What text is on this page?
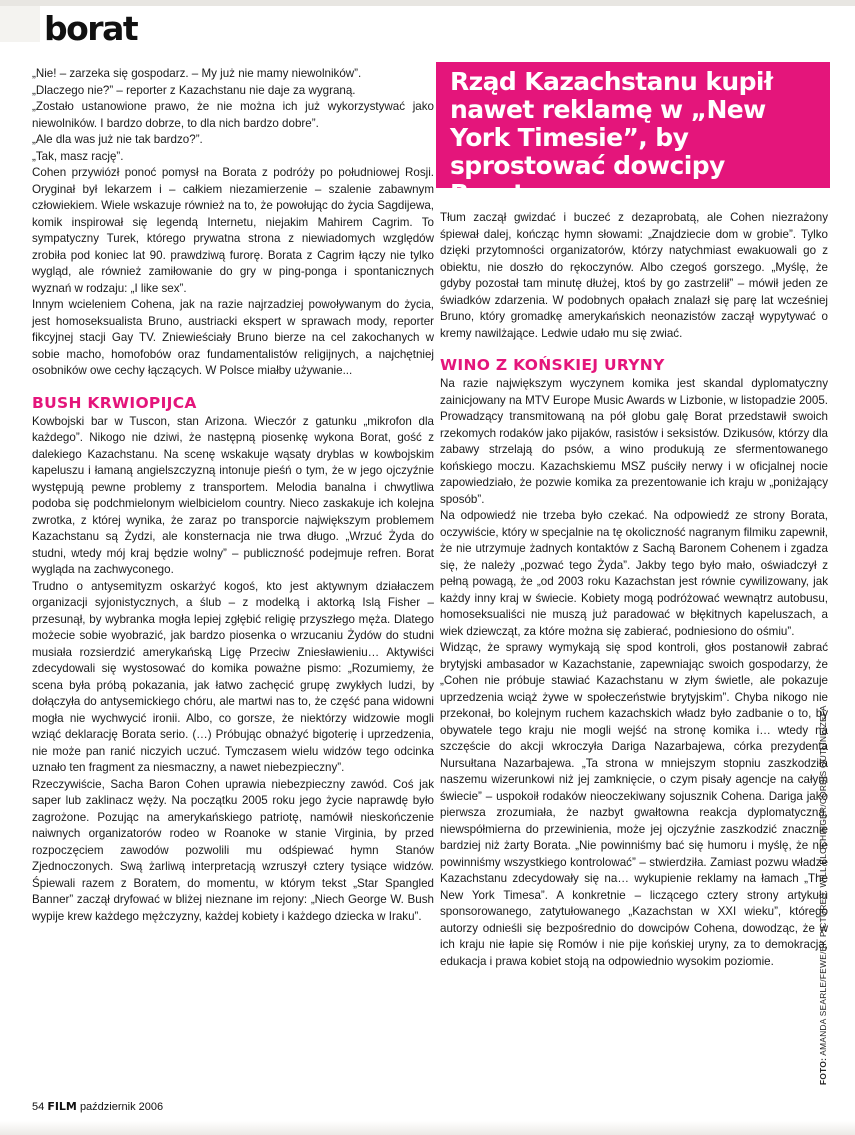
borat

„Nie! – zarzeka się gospodarz. – My już nie mamy niewolników”.

„Dlaczego nie?” – reporter z Kazachstanu nie daje za wygraną.

„Zostało ustanowione prawo, że nie można ich już wykorzystywać jako niewolników. I bardzo dobrze, to dla nich bardzo dobre”.

„Ale dla was już nie tak bardzo?”.

„Tak, masz rację”.

Cohen przywiózł ponoć pomysł na Borata z podróży po południowej Rosji. Oryginał był lekarzem i – całkiem niezamierzenie – szalenie zabawnym człowiekiem. Wiele wskazuje również na to, że powołując do życia Sagdijewa, komik inspirował się legendą Internetu, niejakim Mahirem Cagrim. To sympatyczny Turek, którego prywatna strona z niewiadomych względów zrobiła pod koniec lat 90. prawdziwą furorę. Borata z Cagrim łączy nie tylko wygląd, ale również zamiłowanie do gry w ping-ponga i spontanicznych wyznań w rodzaju: „I like sex”.

Innym wcieleniem Cohena, jak na razie najrzadziej powoływanym do życia, jest homoseksualista Bruno, austriacki ekspert w sprawach mody, reporter fikcyjnej stacji Gay TV. Zniewieściały Bruno bierze na cel zakochanych w sobie macho, homofobów oraz fundamentalistów religijnych, a najchętniej osobników owe cechy łączących. W Polsce miałby używanie...

BUSH KRWIOPIJCA

Kowbojski bar w Tuscon, stan Arizona. Wieczór z gatunku „mikrofon dla każdego”. Nikogo nie dziwi, że następną piosenkę wykona Borat, gość z dalekiego Kazachstanu. Na scenę wskakuje wąsaty dryblas w kowbojskim kapeluszu i łamaną angielszczyzną intonuje pieśń o tym, że w jego ojczyźnie występują pewne problemy z transportem. Melodia banalna i chwytliwa podoba się podchmielonym wielbicielom country. Nieco zaskakuje ich kolejna zwrotka, z której wynika, że zaraz po transporcie największym problemem Kazachstanu są Żydzi, ale konsternacja nie trwa długo. „Wrzuć Żyda do studni, wtedy mój kraj będzie wolny” – publiczność podejmuje refren. Borat wygląda na zachwyconego.

Trudno o antysemityzm oskarżyć kogoś, kto jest aktywnym działaczem organizacji syjonistycznych, a ślub – z modelką i aktorką Islą Fisher – przesunął, by wybranka mogła lepiej zgłębić religię przyszłego męża. Dlatego możecie sobie wyobrazić, jak bardzo piosenka o wrzucaniu Żydów do studni musiała rozsierdzić amerykańską Ligę Przeciw Zniesławieniu… Aktywiści zdecydowali się wystosować do komika poważne pismo: „Rozumiemy, że scena była próbą pokazania, jak łatwo zachęcić grupę zwykłych ludzi, by dołączyła do antysemickiego chóru, ale martwi nas to, że część pana widowni mogła nie wychwycić ironii. Albo, co gorsze, że niektórzy widzowie mogli wziąć deklarację Borata serio. (…) Próbując obnażyć bigoterię i uprzedzenia, nie może pan ranić niczyich uczuć. Tymczasem wielu widzów tego odcinka uznało ten fragment za niesmaczny, a nawet niebezpieczny”.

Rzeczywiście, Sacha Baron Cohen uprawia niebezpieczny zawód. Coś jak saper lub zaklinacz węży. Na początku 2005 roku jego życie naprawdę było zagrożone. Pozując na amerykańskiego patriotę, namówił nieskończenie naiwnych organizatorów rodeo w Roanoke w stanie Virginia, by przed rozpoczęciem zawodów pozwolili mu odśpiewać hymn Stanów Zjednoczonych. Swą żarliwą interpretacją wzruszył cztery tysiące widzów. Śpiewali razem z Boratem, do momentu, w którym tekst „Star Spangled Banner” zaczął dryfować w bliżej nieznane im rejony: „Niech George W. Bush wypije krew każdego mężczyzny, każdej kobiety i każdego dziecka w Iraku”.

Rząd Kazachstanu kupił nawet reklamę w „New York Timesie”, by sprostować dowcipy Borata.

Tłum zaczął gwizdać i buczeć z dezaprobatą, ale Cohen niezrażony śpiewał dalej, kończąc hymn słowami: „Znajdziecie dom w grobie”. Tylko dzięki przytomności organizatorów, którzy natychmiast ewakuowali go z obiektu, nie doszło do rękoczynów. Albo czegoś gorszego. „Myślę, że gdyby pozostał tam minutę dłużej, ktoś by go zastrzelił” – mówił jeden ze świadków zdarzenia. W podobnych opałach znalazł się parę lat wcześniej Bruno, który gromadkę amerykańskich neonazistów zaczął wypytywać o kremy nawilżające. Ledwie udało mu się zwiać.

WINO Z KOŃSKIEJ URYNY

Na razie największym wyczynem komika jest skandal dyplomatyczny zainicjowany na MTV Europe Music Awards w Lizbonie, w listopadzie 2005. Prowadzący transmitowaną na pół globu galę Borat przedstawił swoich rzekomych rodaków jako pijaków, rasistów i seksistów. Dzikusów, którzy dla zabawy strzelają do psów, a wino produkują ze sfermentowanego końskiego moczu. Kazachskiemu MSZ puściły nerwy i w oficjalnej nocie zapowiedziało, że pozwie komika za prezentowanie ich kraju w „poniżający sposób”.

Na odpowiedź nie trzeba było czekać. Na odpowiedź ze strony Borata, oczywiście, który w specjalnie na tę okoliczność nagranym filmiku zapewnił, że nie utrzymuje żadnych kontaktów z Sachą Baronem Cohenem i zgadza się, że należy „pozwać tego Żyda”. Jakby tego było mało, oświadczył z pełną powagą, że „od 2003 roku Kazachstan jest równie cywilizowany, jak każdy inny kraj w świecie. Kobiety mogą podróżować wewnątrz autobusu, homoseksualiści nie muszą już paradować w błękitnych kapeluszach, a wiek dziewcząt, za które można się zabierać, podniesiono do ośmiu”.

Widząc, że sprawy wymykają się spod kontroli, głos postanowił zabrać brytyjski ambasador w Kazachstanie, zapewniając swoich gospodarzy, że „Cohen nie próbuje stawiać Kazachstanu w złym świetle, ale pokazuje uprzedzenia wciąż żywe w społeczeństwie brytyjskim”. Chyba nikogo nie przekonał, bo kolejnym ruchem kazachskich władz było zadbanie o to, by obywatele tego kraju nie mogli wejść na stronę komika i… wtedy na szczęście do akcji wkroczyła Dariga Nazarbajewa, córka prezydenta Nursułtana Nazarbajewa. „Ta strona w mniejszym stopniu zaszkodziła naszemu wizerunkowi niż jej zamknięcie, o czym pisały agencje na całym świecie” – uspokoił rodaków nieoczekiwany sojusznik Cohena. Dariga jako pierwsza zrozumiała, że nazbyt gwałtowna reakcja dyplomatyczna, niewspółmierna do przewinienia, może jej ojczyźnie zaszkodzić znacznie bardziej niż żarty Borata. „Nie powinniśmy bać się humoru i myślę, że nie powinniśmy wszystkiego kontrolować” – stwierdziła. Zamiast pozwu władze Kazachstanu zdecydowały się na… wykupienie reklamy na łamach „The New York Timesa”. A konkretnie – liczącego cztery strony artykułu sponsorowanego, zatytułowanego „Kazachstan w XXI wieku”, którego autorzy odnieśli się bezpośrednio do dowcipów Cohena, dowodząc, że w ich kraju nie łapie się Romów i nie pije końskiej uryny, za to demokracja, edukacja i prawa kobiet stoją na odpowiednio wysokim poziomie.

FOTO: AMANDA SEARLE/FEWE/EK PICTURES, WILL BLOCHINGER/CORBIS OUTLINE/ZEFA
54 FILM październik 2006
